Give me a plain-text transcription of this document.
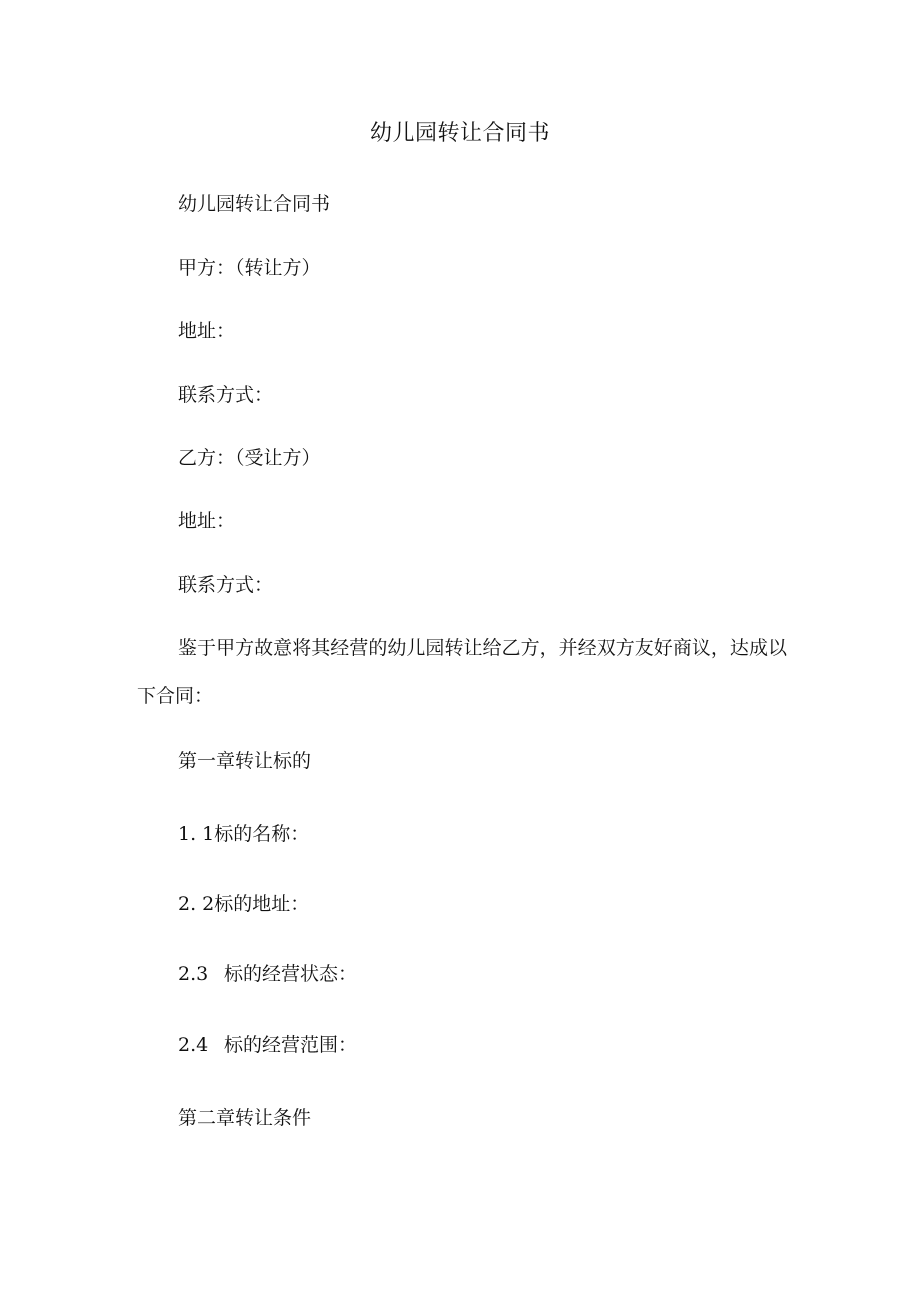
幼儿园转让合同书
幼儿园转让合同书
甲方：（转让方）
地址：
联系方式：
乙方：（受让方）
地址：
联系方式：
鉴于甲方故意将其经营的幼儿园转让给乙方，并经双方友好商议，达成以下合同：
第一章转让标的
1. 1标的名称：
2. 2标的地址：
2.3 标的经营状态：
2.4 标的经营范围：
第二章转让条件
